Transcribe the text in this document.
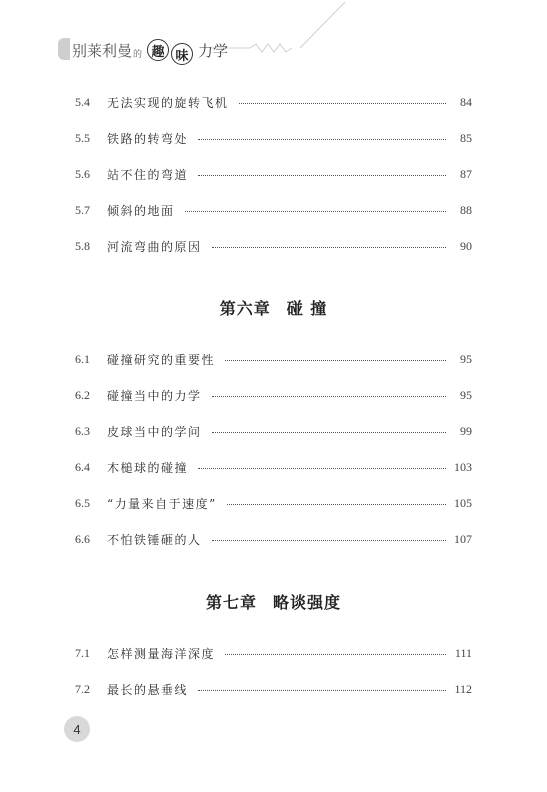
别莱利曼 的 趣 味 力学
5.4	无法实现的旋转飞机	84
5.5	铁路的转弯处	85
5.6	站不住的弯道	87
5.7	倾斜的地面	88
5.8	河流弯曲的原因	90
第六章 碰 撞
6.1	碰撞研究的重要性	95
6.2	碰撞当中的力学	95
6.3	皮球当中的学问	99
6.4	木槌球的碰撞	103
6.5	“力量来自于速度”	105
6.6	不怕铁锤砸的人	107
第七章 略谈强度
7.1	怎样测量海洋深度	111
7.2	最长的悬垂线	112
4
